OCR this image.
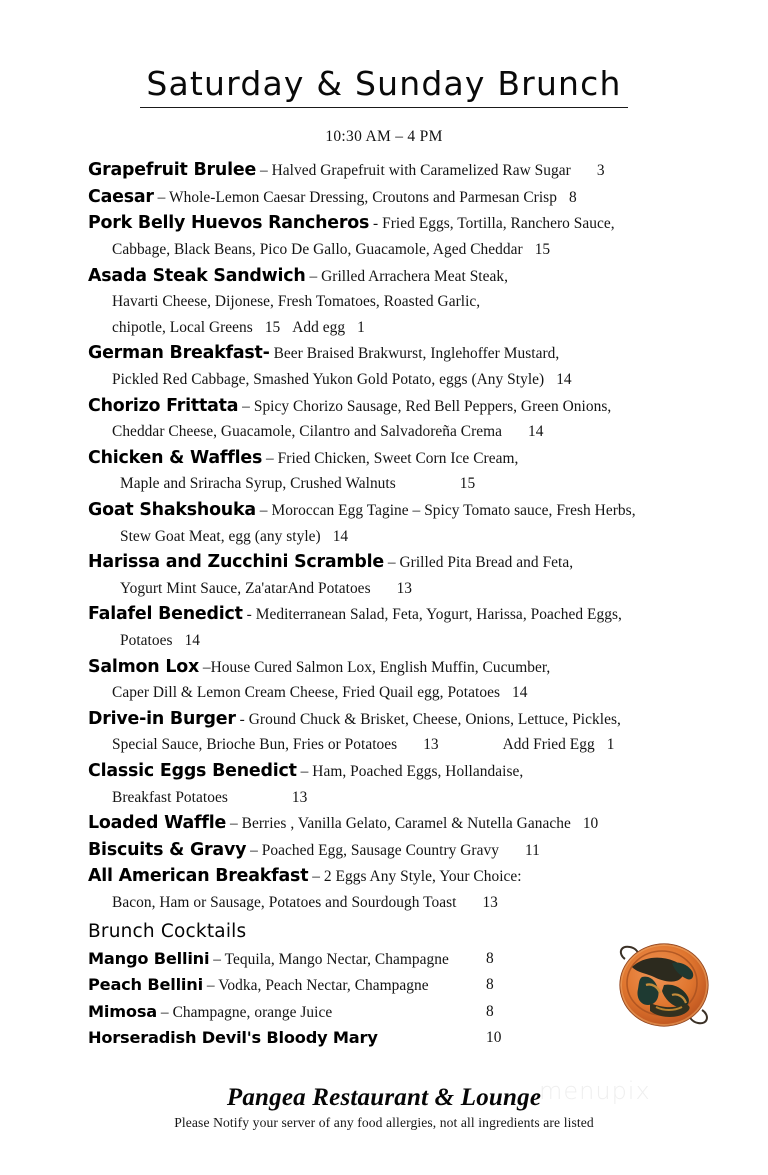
Saturday & Sunday Brunch
10:30 AM – 4 PM
Grapefruit Brulee – Halved Grapefruit with Caramelized Raw Sugar 3
Caesar – Whole-Lemon Caesar Dressing, Croutons and Parmesan Crisp 8
Pork Belly Huevos Rancheros - Fried Eggs, Tortilla, Ranchero Sauce,
Cabbage, Black Beans, Pico De Gallo, Guacamole, Aged Cheddar 15
Asada Steak Sandwich – Grilled Arrachera Meat Steak,
Havarti Cheese, Dijonese, Fresh Tomatoes, Roasted Garlic,
chipotle, Local Greens 15 Add egg 1
German Breakfast- Beer Braised Brakwurst, Inglehoffer Mustard,
Pickled Red Cabbage, Smashed Yukon Gold Potato, eggs (Any Style) 14
Chorizo Frittata – Spicy Chorizo Sausage, Red Bell Peppers, Green Onions,
Cheddar Cheese, Guacamole, Cilantro and Salvadoreña Crema 14
Chicken & Waffles – Fried Chicken, Sweet Corn Ice Cream,
Maple and Sriracha Syrup, Crushed Walnuts	15
Goat Shakshouka – Moroccan Egg Tagine – Spicy Tomato sauce, Fresh Herbs,
Stew Goat Meat, egg (any style) 14
Harissa and Zucchini Scramble – Grilled Pita Bread and Feta,
Yogurt Mint Sauce, Za'atarAnd Potatoes 13
Falafel Benedict - Mediterranean Salad, Feta, Yogurt, Harissa, Poached Eggs,
Potatoes 14
Salmon Lox –House Cured Salmon Lox, English Muffin, Cucumber,
Caper Dill & Lemon Cream Cheese, Fried Quail egg, Potatoes 14
Drive-in Burger - Ground Chuck & Brisket, Cheese, Onions, Lettuce, Pickles,
Special Sauce, Brioche Bun, Fries or Potatoes 13	Add Fried Egg 1
Classic Eggs Benedict – Ham, Poached Eggs, Hollandaise,
Breakfast Potatoes	13
Loaded Waffle – Berries , Vanilla Gelato, Caramel & Nutella Ganache 10
Biscuits & Gravy – Poached Egg, Sausage Country Gravy 11
All American Breakfast – 2 Eggs Any Style, Your Choice:
Bacon, Ham or Sausage, Potatoes and Sourdough Toast 13
Brunch Cocktails
Mango Bellini – Tequila, Mango Nectar, Champagne 8
Peach Bellini – Vodka, Peach Nectar, Champagne	8
Mimosa – Champagne, orange Juice	8
Horseradish Devil's Bloody Mary	10
Pangea Restaurant & Lounge
Please Notify your server of any food allergies, not all ingredients are listed
menupix
